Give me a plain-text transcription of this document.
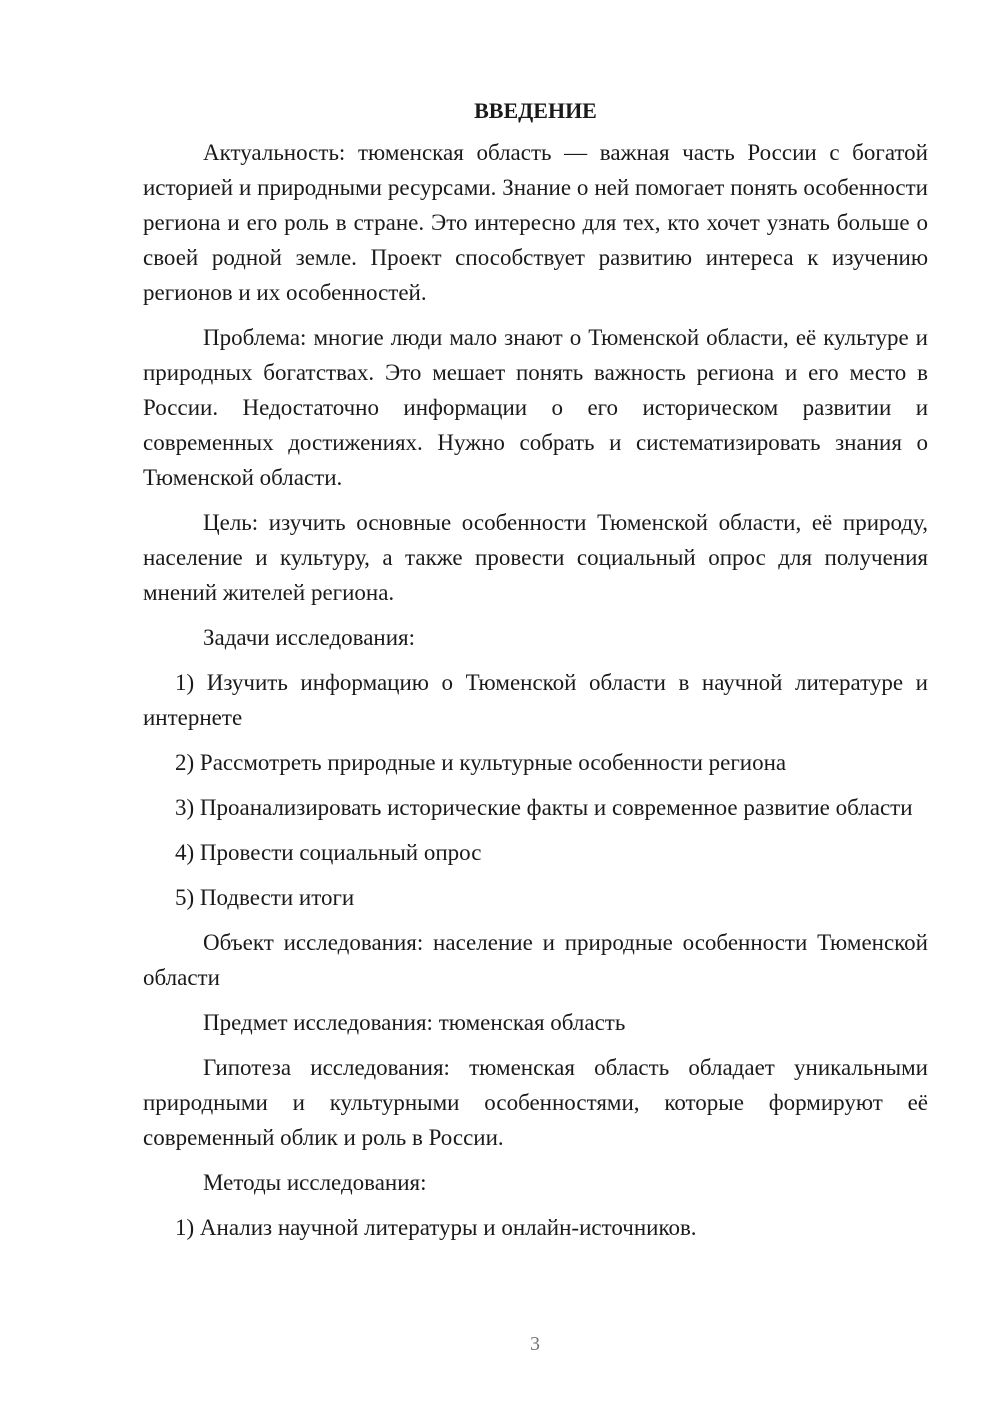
ВВЕДЕНИЕ

Актуальность: тюменская область — важная часть России с богатой историей и природными ресурсами. Знание о ней помогает понять особенности региона и его роль в стране. Это интересно для тех, кто хочет узнать больше о своей родной земле. Проект способствует развитию интереса к изучению регионов и их особенностей.

Проблема: многие люди мало знают о Тюменской области, её культуре и природных богатствах. Это мешает понять важность региона и его место в России. Недостаточно информации о его историческом развитии и современных достижениях. Нужно собрать и систематизировать знания о Тюменской области.

Цель: изучить основные особенности Тюменской области, её природу, население и культуру, а также провести социальный опрос для получения мнений жителей региона.

Задачи исследования:

1) Изучить информацию о Тюменской области в научной литературе и интернете

2) Рассмотреть природные и культурные особенности региона

3) Проанализировать исторические факты и современное развитие области

4) Провести социальный опрос

5) Подвести итоги

Объект исследования: население и природные особенности Тюменской области

Предмет исследования: тюменская область

Гипотеза исследования: тюменская область обладает уникальными природными и культурными особенностями, которые формируют её современный облик и роль в России.

Методы исследования:

1) Анализ научной литературы и онлайн-источников.

3
